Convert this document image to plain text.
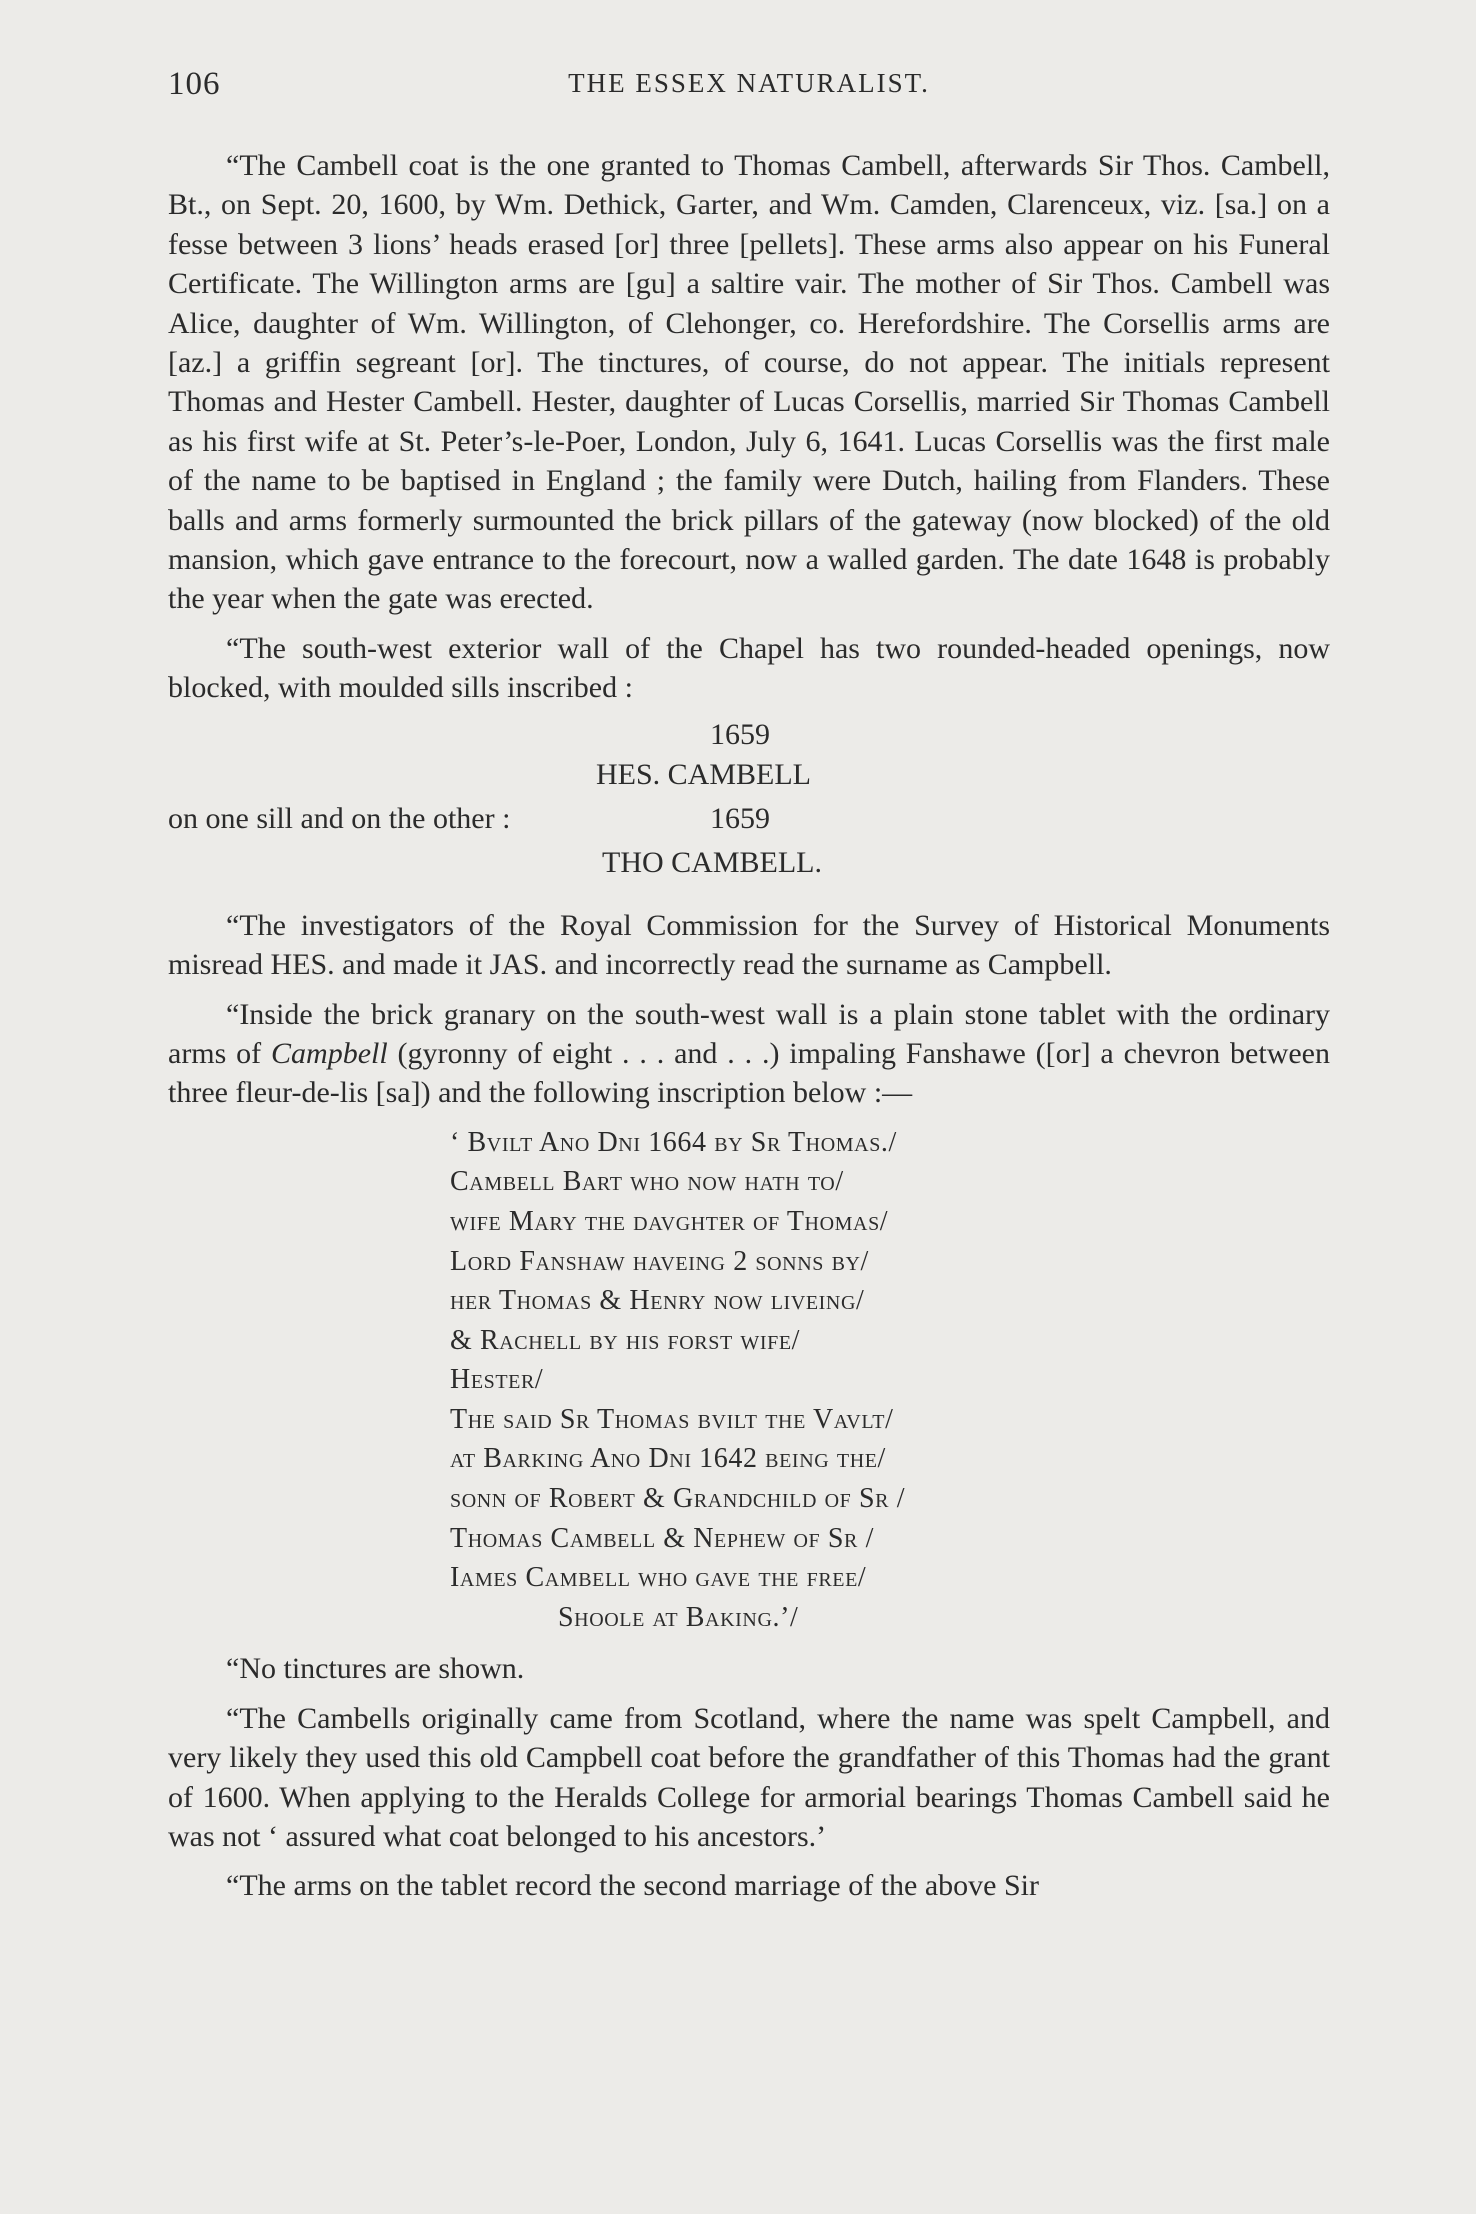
106	THE ESSEX NATURALIST.

“The Cambell coat is the one granted to Thomas Cambell, afterwards Sir Thos. Cambell, Bt., on Sept. 20, 1600, by Wm. Dethick, Garter, and Wm. Camden, Clarenceux, viz. [sa.] on a fesse between 3 lions’ heads erased [or] three [pellets]. These arms also appear on his Funeral Certificate. The Willington arms are [gu] a saltire vair. The mother of Sir Thos. Cambell was Alice, daughter of Wm. Willington, of Clehonger, co. Herefordshire. The Corsellis arms are [az.] a griffin segreant [or]. The tinctures, of course, do not appear. The initials represent Thomas and Hester Cambell. Hester, daughter of Lucas Corsellis, married Sir Thomas Cambell as his first wife at St. Peter’s-le-Poer, London, July 6, 1641. Lucas Corsellis was the first male of the name to be baptised in England ; the family were Dutch, hailing from Flanders. These balls and arms formerly surmounted the brick pillars of the gateway (now blocked) of the old mansion, which gave entrance to the forecourt, now a walled garden. The date 1648 is probably the year when the gate was erected.

“The south-west exterior wall of the Chapel has two rounded-headed openings, now blocked, with moulded sills inscribed :

1659
HES. CAMBELL
on one sill and on the other :	1659
THO CAMBELL.

“The investigators of the Royal Commission for the Survey of Historical Monuments misread HES. and made it JAS. and incorrectly read the surname as Campbell.

“Inside the brick granary on the south-west wall is a plain stone tablet with the ordinary arms of Campbell (gyronny of eight . . . and . . .) impaling Fanshawe ([or] a chevron between three fleur-de-lis [sa]) and the following inscription below :—

‘ Bvilt Ano Dni 1664 by Sr Thomas./
Cambell Bart who now hath to/
wife Mary the davghter of Thomas/
Lord Fanshaw haveing 2 sonns by/
her Thomas & Henry now liveing/
& Rachell by his forst wife/
Hester/
The said Sr Thomas bvilt the Vavlt/
at Barking Ano Dni 1642 being the/
sonn of Robert & Grandchild of Sr /
Thomas Cambell & Nephew of Sr /
Iames Cambell who gave the free/
Shoole at Baking.’/

“No tinctures are shown.

“The Cambells originally came from Scotland, where the name was spelt Campbell, and very likely they used this old Campbell coat before the grandfather of this Thomas had the grant of 1600. When applying to the Heralds College for armorial bearings Thomas Cambell said he was not ‘ assured what coat belonged to his ancestors.’

“The arms on the tablet record the second marriage of the above Sir
